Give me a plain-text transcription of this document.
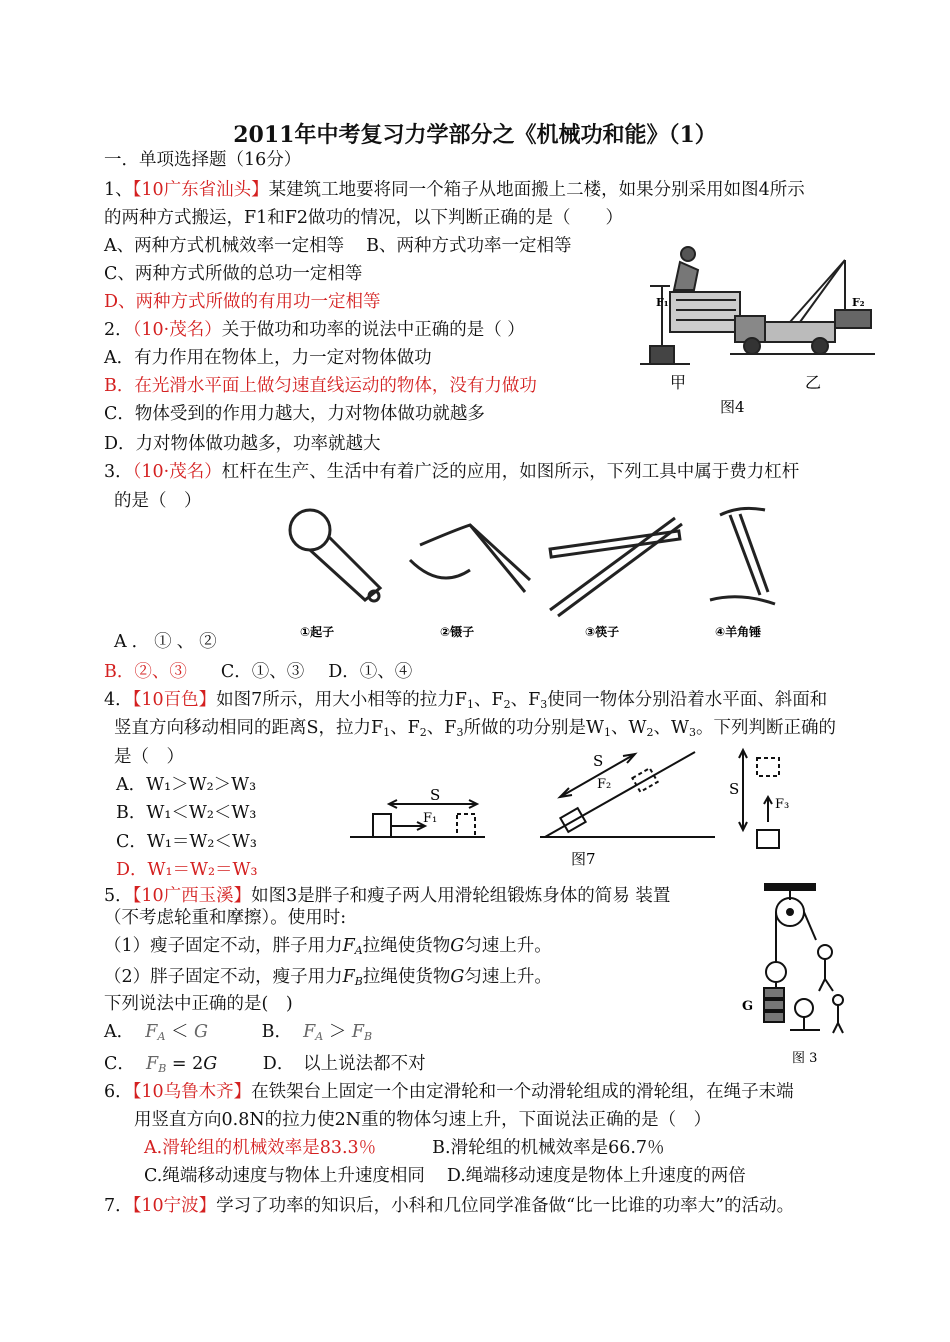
2011年中考复习力学部分之《机械功和能》（1）
一．单项选择题（16分）
1、【10广东省汕头】某建筑工地要将同一个箱子从地面搬上二楼，如果分别采用如图4所示
的两种方式搬运，F1和F2做功的情况，以下判断正确的是（　　）
A、两种方式机械效率一定相等 B、两种方式功率一定相等
C、两种方式所做的总功一定相等
D、两种方式所做的有用功一定相等	F₁	F₂
甲	乙
图4
2．（10·茂名）关于做功和功率的说法中正确的是（ ）
A．有力作用在物体上，力一定对物体做功
B．在光滑水平面上做匀速直线运动的物体，没有力做功
C．物体受到的作用力越大，力对物体做功就越多
D．力对物体做功越多，功率就越大
3．（10·茂名）杠杆在生产、生活中有着广泛的应用，如图所示，下列工具中属于费力杠杆
的是（　）
①起子	②镊子	③筷子	④羊角锤
A．①、②
B．②、③ C．①、③ D．①、④
4．【10百色】如图7所示，用大小相等的拉力$F_1$、$F_2$、$F_3$使同一物体分别沿着水平面、斜面和
竖直方向移动相同的距离S，拉力$F_1$、$F_2$、$F_3$所做的功分别是$W_1$、$W_2$、$W_3$。下列判断正确的
是（　）
A．W₁＞W₂＞W₃
B．W₁＜W₂＜W₃
C．W₁＝W₂＜W₃
D．W₁＝W₂＝W₃
S
F₁
S
F₂	S
F₃
图7
5．【10广西玉溪】如图3是胖子和瘦子两人用滑轮组锻炼身体的简易 装置
（不考虑轮重和摩擦）。使用时:
（1）瘦子固定不动，胖子用力$F_A$拉绳使货物G匀速上升。
（2）胖子固定不动，瘦子用力$F_B$拉绳使货物G匀速上升。
下列说法中正确的是(　)
A． $F_A < G$	B． $F_A > F_B$
C． $F_B = 2G$	D．　以上说法都不对
G
图 3
6．【10乌鲁木齐】在铁架台上固定一个由定滑轮和一个动滑轮组成的滑轮组，在绳子末端
用竖直方向0.8N的拉力使2N重的物体匀速上升，下面说法正确的是（　）
A.滑轮组的机械效率是83.3％	B.滑轮组的机械效率是66.7％
C.绳端移动速度与物体上升速度相同 D.绳端移动速度是物体上升速度的两倍
7．【10宁波】学习了功率的知识后，小科和几位同学准备做“比一比谁的功率大”的活动。
